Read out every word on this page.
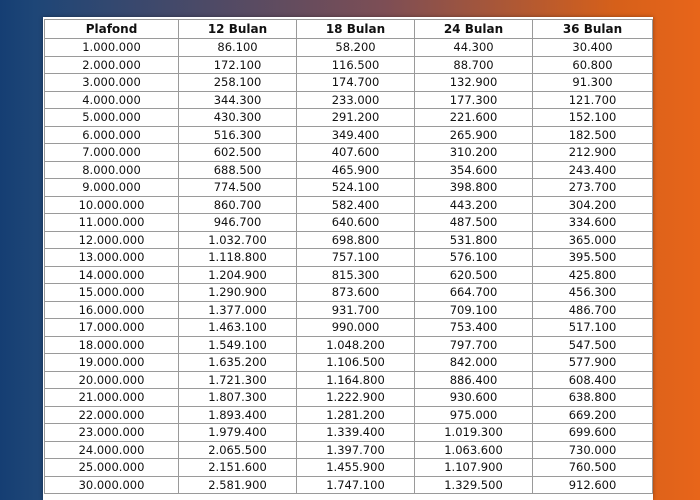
Plafond	12 Bulan	18 Bulan	24 Bulan	36 Bulan
1.000.000	86.100	58.200	44.300	30.400
2.000.000	172.100	116.500	88.700	60.800
3.000.000	258.100	174.700	132.900	91.300
4.000.000	344.300	233.000	177.300	121.700
5.000.000	430.300	291.200	221.600	152.100
6.000.000	516.300	349.400	265.900	182.500
7.000.000	602.500	407.600	310.200	212.900
8.000.000	688.500	465.900	354.600	243.400
9.000.000	774.500	524.100	398.800	273.700
10.000.000	860.700	582.400	443.200	304.200
11.000.000	946.700	640.600	487.500	334.600
12.000.000	1.032.700	698.800	531.800	365.000
13.000.000	1.118.800	757.100	576.100	395.500
14.000.000	1.204.900	815.300	620.500	425.800
15.000.000	1.290.900	873.600	664.700	456.300
16.000.000	1.377.000	931.700	709.100	486.700
17.000.000	1.463.100	990.000	753.400	517.100
18.000.000	1.549.100	1.048.200	797.700	547.500
19.000.000	1.635.200	1.106.500	842.000	577.900
20.000.000	1.721.300	1.164.800	886.400	608.400
21.000.000	1.807.300	1.222.900	930.600	638.800
22.000.000	1.893.400	1.281.200	975.000	669.200
23.000.000	1.979.400	1.339.400	1.019.300	699.600
24.000.000	2.065.500	1.397.700	1.063.600	730.000
25.000.000	2.151.600	1.455.900	1.107.900	760.500
30.000.000	2.581.900	1.747.100	1.329.500	912.600
